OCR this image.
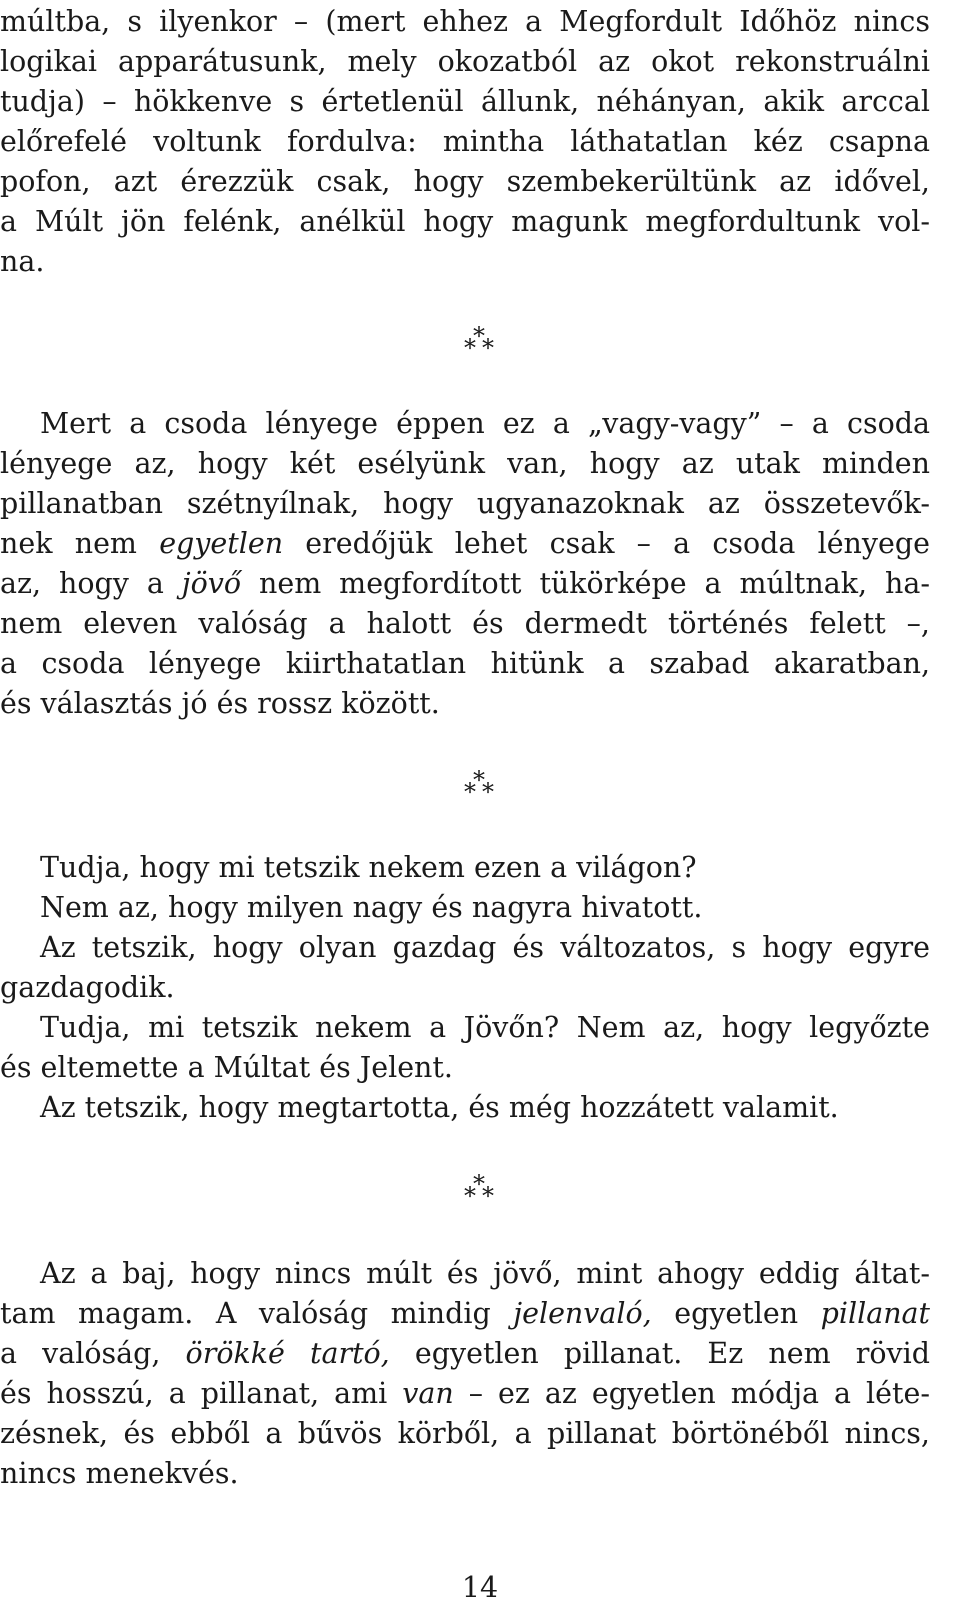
múltba, s ilyenkor – (mert ehhez a Megfordult Időhöz nincs
logikai apparátusunk, mely okozatból az okot rekonstruálni
tudja) – hökkenve s értetlenül állunk, néhányan, akik arccal
előrefelé voltunk fordulva: mintha láthatatlan kéz csapna
pofon, azt érezzük csak, hogy szembekerültünk az idővel,
a Múlt jön felénk, anélkül hogy magunk megfordultunk vol-
na.
*
* *
Mert a csoda lényege éppen ez a „vagy-vagy” – a csoda
lényege az, hogy két esélyünk van, hogy az utak minden
pillanatban szétnyílnak, hogy ugyanazoknak az összetevők-
nek nem egyetlen eredőjük lehet csak – a csoda lényege
az, hogy a jövő nem megfordított tükörképe a múltnak, ha-
nem eleven valóság a halott és dermedt történés felett –,
a csoda lényege kiirthatatlan hitünk a szabad akaratban,
és választás jó és rossz között.
*
* *
Tudja, hogy mi tetszik nekem ezen a világon?
Nem az, hogy milyen nagy és nagyra hivatott.
Az tetszik, hogy olyan gazdag és változatos, s hogy egyre
gazdagodik.
Tudja, mi tetszik nekem a Jövőn? Nem az, hogy legyőzte
és eltemette a Múltat és Jelent.
Az tetszik, hogy megtartotta, és még hozzátett valamit.
*
* *
Az a baj, hogy nincs múlt és jövő, mint ahogy eddig áltat-
tam magam. A valóság mindig jelenvaló, egyetlen pillanat
a valóság, örökké tartó, egyetlen pillanat. Ez nem rövid
és hosszú, a pillanat, ami van – ez az egyetlen módja a léte-
zésnek, és ebből a bűvös körből, a pillanat börtönéből nincs,
nincs menekvés.
14
